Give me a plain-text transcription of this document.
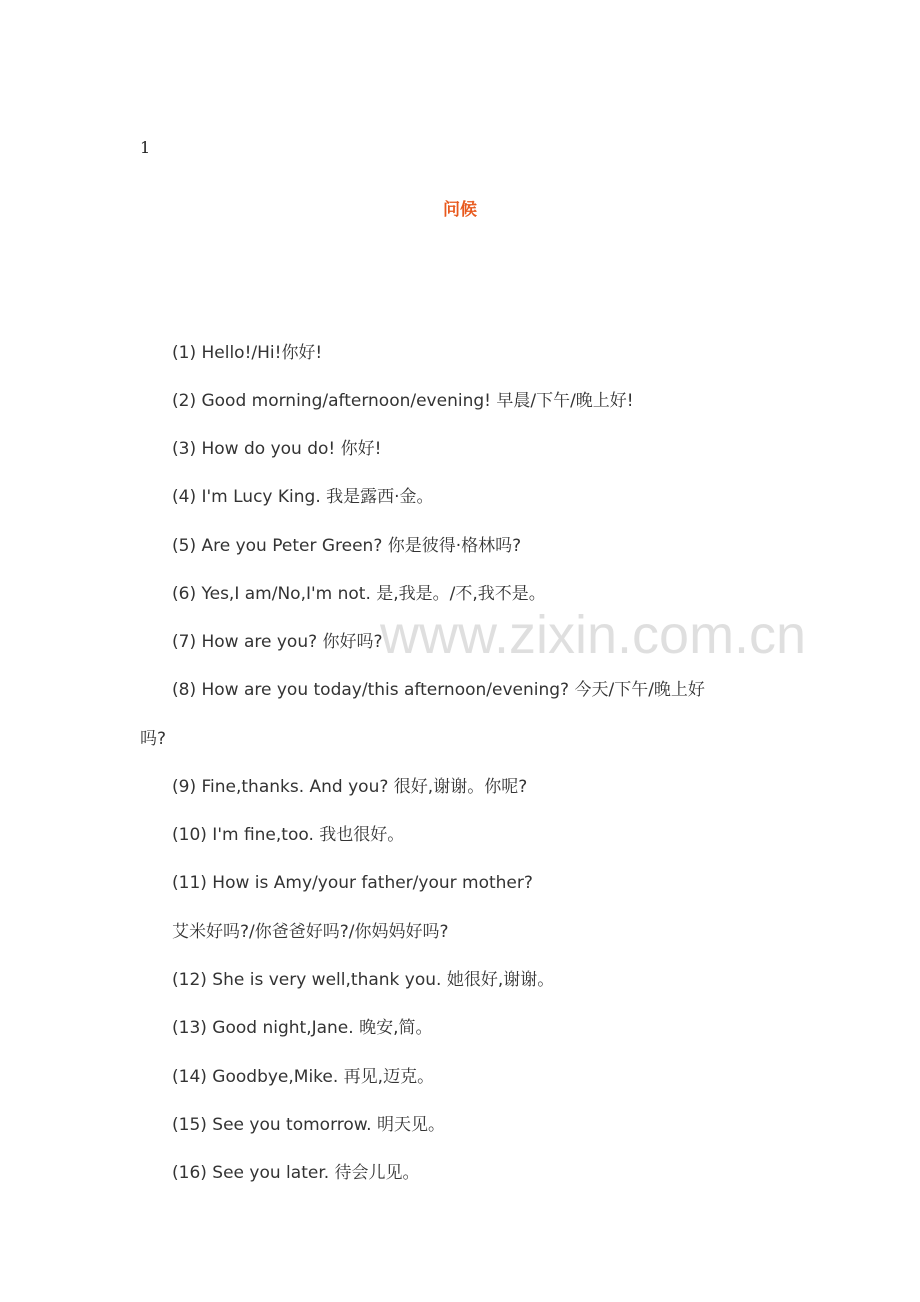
1
问候
(1) Hello!/Hi!你好!
(2) Good morning/afternoon/evening! 早晨/下午/晚上好!
(3) How do you do! 你好!
(4) I'm Lucy King. 我是露西·金。
(5) Are you Peter Green? 你是彼得·格林吗?
(6) Yes,I am/No,I'm not. 是,我是。/不,我不是。
(7) How are you? 你好吗?
(8) How are you today/this afternoon/evening? 今天/下午/晚上好
吗?
(9) Fine,thanks. And you? 很好,谢谢。你呢?
(10) I'm fine,too. 我也很好。
(11) How is Amy/your father/your mother?
艾米好吗?/你爸爸好吗?/你妈妈好吗?
(12) She is very well,thank you. 她很好,谢谢。
(13) Good night,Jane. 晚安,简。
(14) Goodbye,Mike. 再见,迈克。
(15) See you tomorrow. 明天见。
(16) See you later. 待会儿见。
www.zixin.com.cn
